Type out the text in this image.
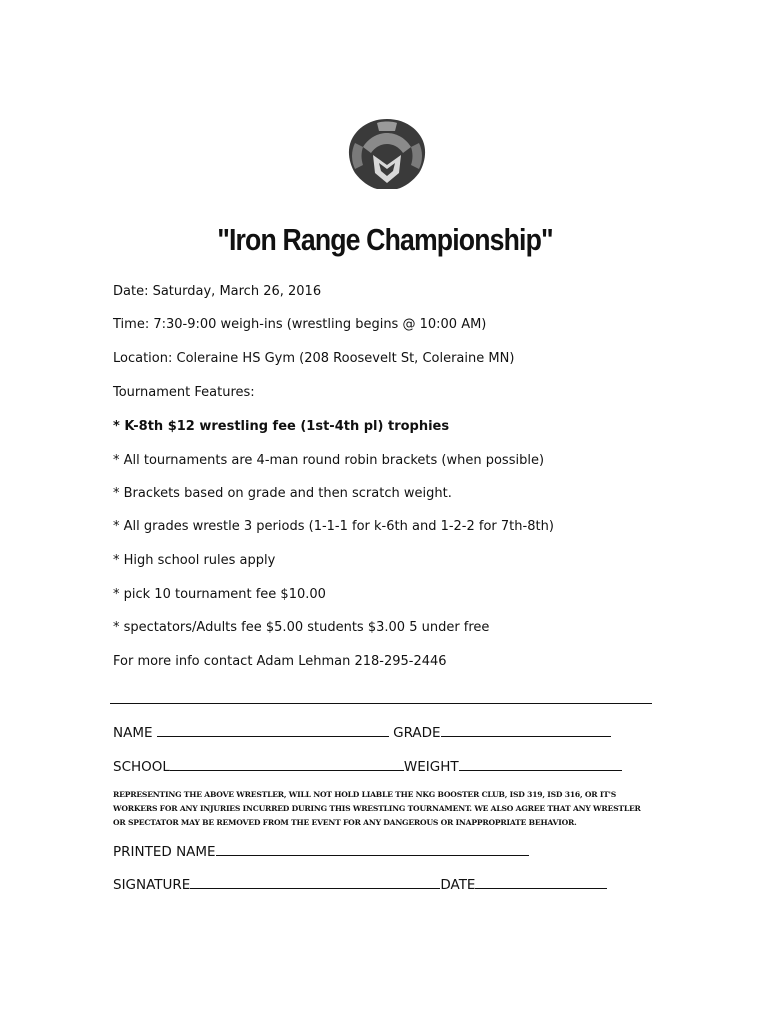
"Iron Range Championship"
Date: Saturday, March 26, 2016
Time: 7:30-9:00 weigh-ins (wrestling begins @ 10:00 AM)
Location: Coleraine HS Gym (208 Roosevelt St, Coleraine MN)
Tournament Features:
* K-8th $12 wrestling fee (1st-4th pl) trophies
* All tournaments are 4-man round robin brackets (when possible)
* Brackets based on grade and then scratch weight.
* All grades wrestle 3 periods (1-1-1 for k-6th and 1-2-2 for 7th-8th)
* High school rules apply
* pick 10 tournament fee $10.00
* spectators/Adults fee $5.00 students $3.00 5 under free
For more info contact Adam Lehman 218-295-2446
NAME	GRADE
SCHOOL	WEIGHT
REPRESENTING THE ABOVE WRESTLER, WILL NOT HOLD LIABLE THE NKG BOOSTER CLUB, ISD 319, ISD 316, OR IT'S
WORKERS FOR ANY INJURIES INCURRED DURING THIS WRESTLING TOURNAMENT. WE ALSO AGREE THAT ANY WRESTLER
OR SPECTATOR MAY BE REMOVED FROM THE EVENT FOR ANY DANGEROUS OR INAPPROPRIATE BEHAVIOR.
PRINTED NAME
SIGNATURE	DATE
